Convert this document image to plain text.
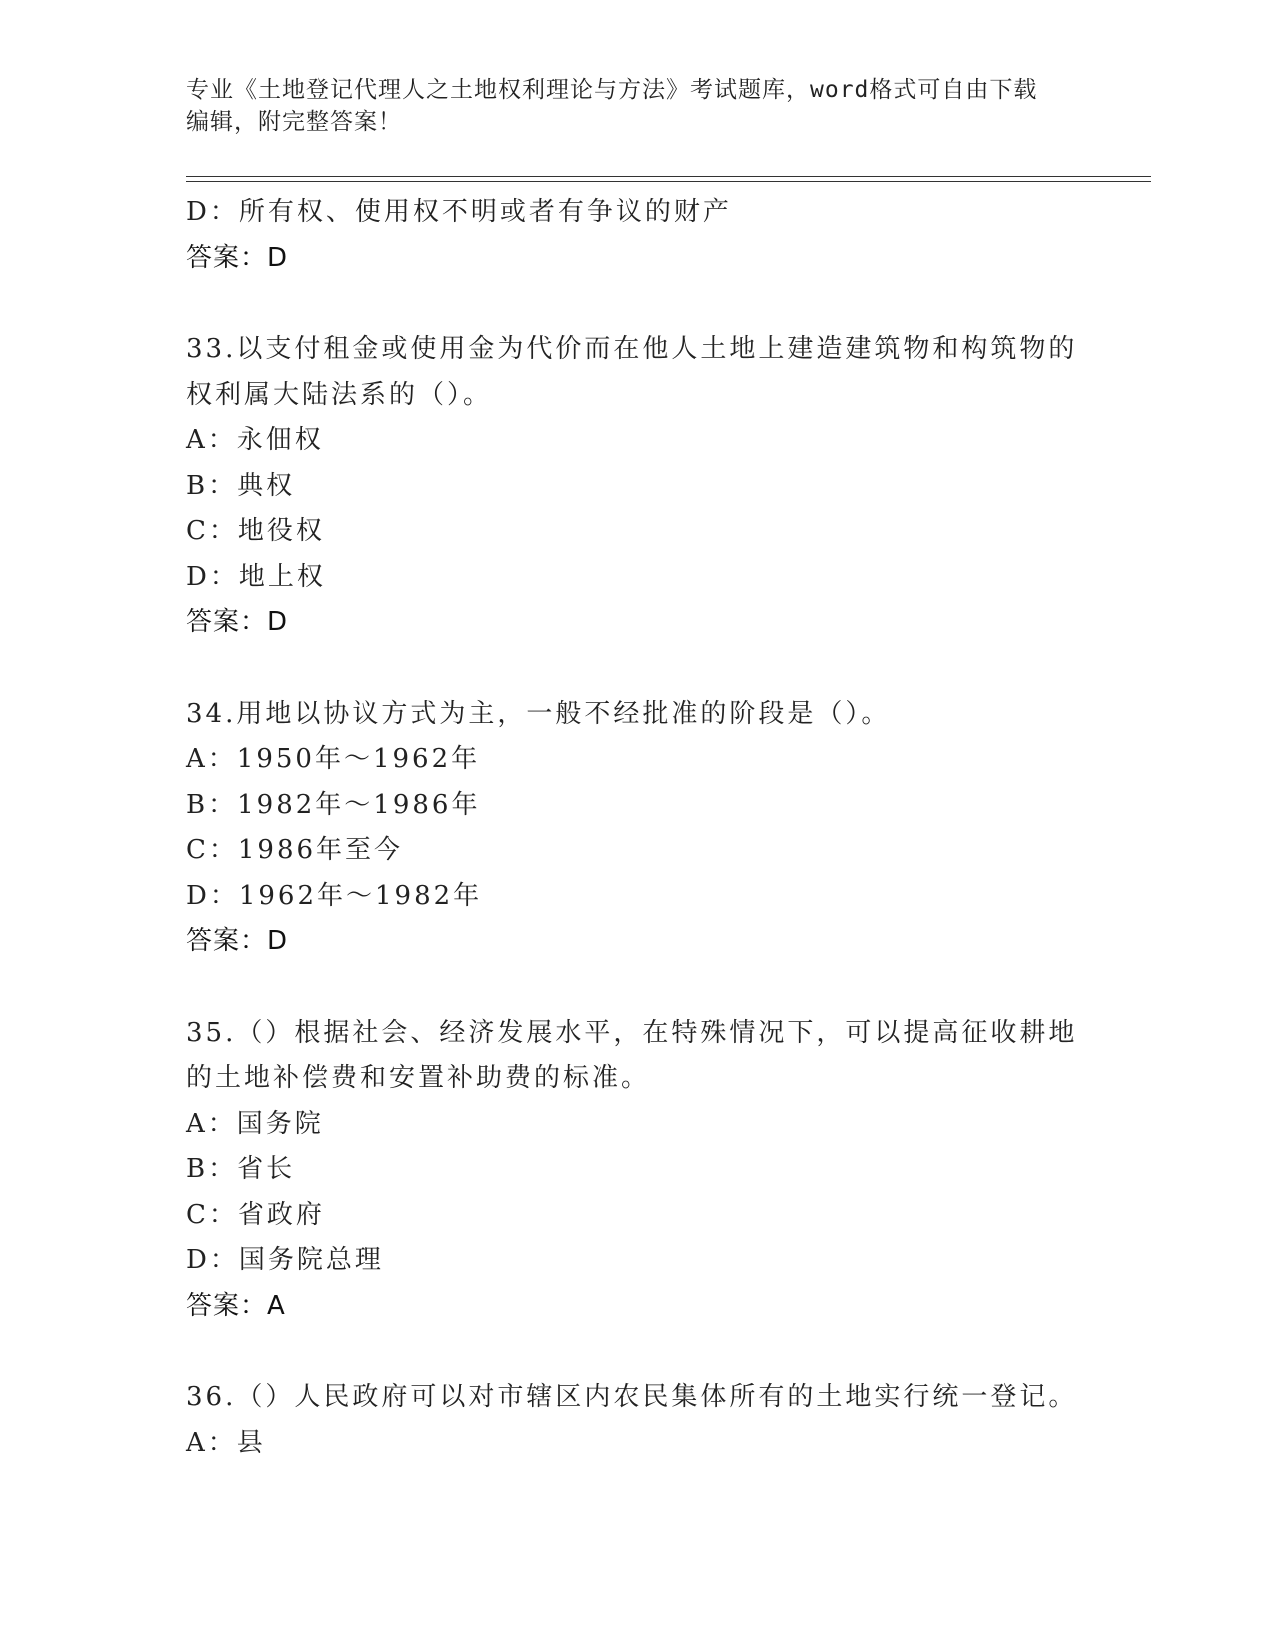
专业《土地登记代理人之土地权利理论与方法》考试题库，word格式可自由下载
编辑，附完整答案！
D：所有权、使用权不明或者有争议的财产
答案：D
33.以支付租金或使用金为代价而在他人土地上建造建筑物和构筑物的
权利属大陆法系的（）。
A：永佃权
B：典权
C：地役权
D：地上权
答案：D
34.用地以协议方式为主，一般不经批准的阶段是（）。
A：1950年～1962年
B：1982年～1986年
C：1986年至今
D：1962年～1982年
答案：D
35.（）根据社会、经济发展水平，在特殊情况下，可以提高征收耕地
的土地补偿费和安置补助费的标准。
A：国务院
B：省长
C：省政府
D：国务院总理
答案：A
36.（）人民政府可以对市辖区内农民集体所有的土地实行统一登记。
A：县
